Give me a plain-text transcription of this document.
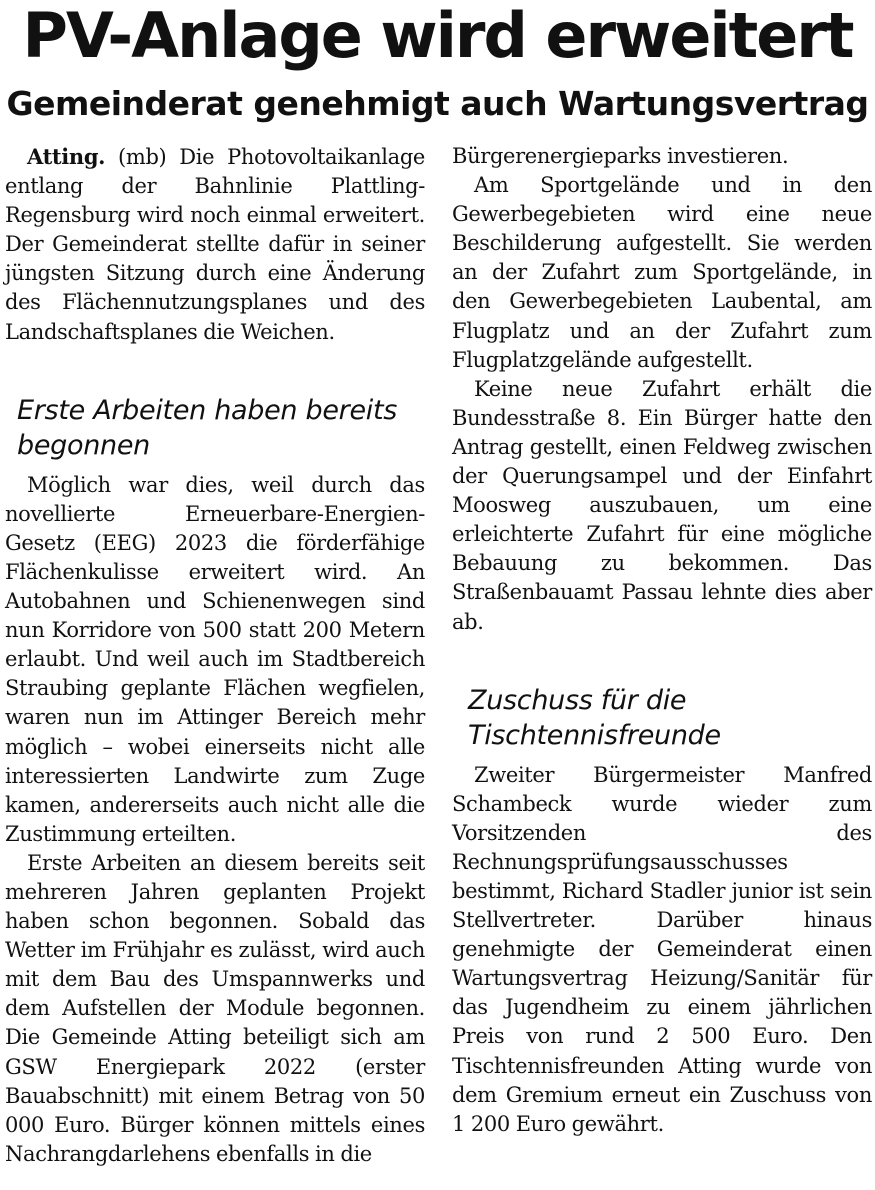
PV-Anlage wird erweitert
Gemeinderat genehmigt auch Wartungsvertrag

Atting. (mb) Die Photovoltaikanlage entlang der Bahnlinie Plattling-Regensburg wird noch einmal erweitert. Der Gemeinderat stellte dafür in seiner jüngsten Sitzung durch eine Änderung des Flächennutzungsplanes und des Landschaftsplanes die Weichen.

Erste Arbeiten haben bereits begonnen

Möglich war dies, weil durch das novellierte Erneuerbare-Energien-Gesetz (EEG) 2023 die förderfähige Flächenkulisse erweitert wird. An Autobahnen und Schienenwegen sind nun Korridore von 500 statt 200 Metern erlaubt. Und weil auch im Stadtbereich Straubing geplante Flächen wegfielen, waren nun im Attinger Bereich mehr möglich – wobei einerseits nicht alle interessierten Landwirte zum Zuge kamen, andererseits auch nicht alle die Zustimmung erteilten.

Erste Arbeiten an diesem bereits seit mehreren Jahren geplanten Projekt haben schon begonnen. Sobald das Wetter im Frühjahr es zulässt, wird auch mit dem Bau des Umspannwerks und dem Aufstellen der Module begonnen. Die Gemeinde Atting beteiligt sich am GSW Energiepark 2022 (erster Bauabschnitt) mit einem Betrag von 50 000 Euro. Bürger können mittels eines Nachrangdarlehens ebenfalls in die

Bürgerenergieparks investieren.

Am Sportgelände und in den Gewerbegebieten wird eine neue Beschilderung aufgestellt. Sie werden an der Zufahrt zum Sportgelände, in den Gewerbegebieten Laubental, am Flugplatz und an der Zufahrt zum Flugplatzgelände aufgestellt.

Keine neue Zufahrt erhält die Bundesstraße 8. Ein Bürger hatte den Antrag gestellt, einen Feldweg zwischen der Querungsampel und der Einfahrt Moosweg auszubauen, um eine erleichterte Zufahrt für eine mögliche Bebauung zu bekommen. Das Straßenbauamt Passau lehnte dies aber ab.

Zuschuss für die Tischtennisfreunde

Zweiter Bürgermeister Manfred Schambeck wurde wieder zum Vorsitzenden des Rechnungsprüfungsausschusses bestimmt, Richard Stadler junior ist sein Stellvertreter. Darüber hinaus genehmigte der Gemeinderat einen Wartungsvertrag Heizung/Sanitär für das Jugendheim zu einem jährlichen Preis von rund 2 500 Euro. Den Tischtennisfreunden Atting wurde von dem Gremium erneut ein Zuschuss von 1 200 Euro gewährt.
